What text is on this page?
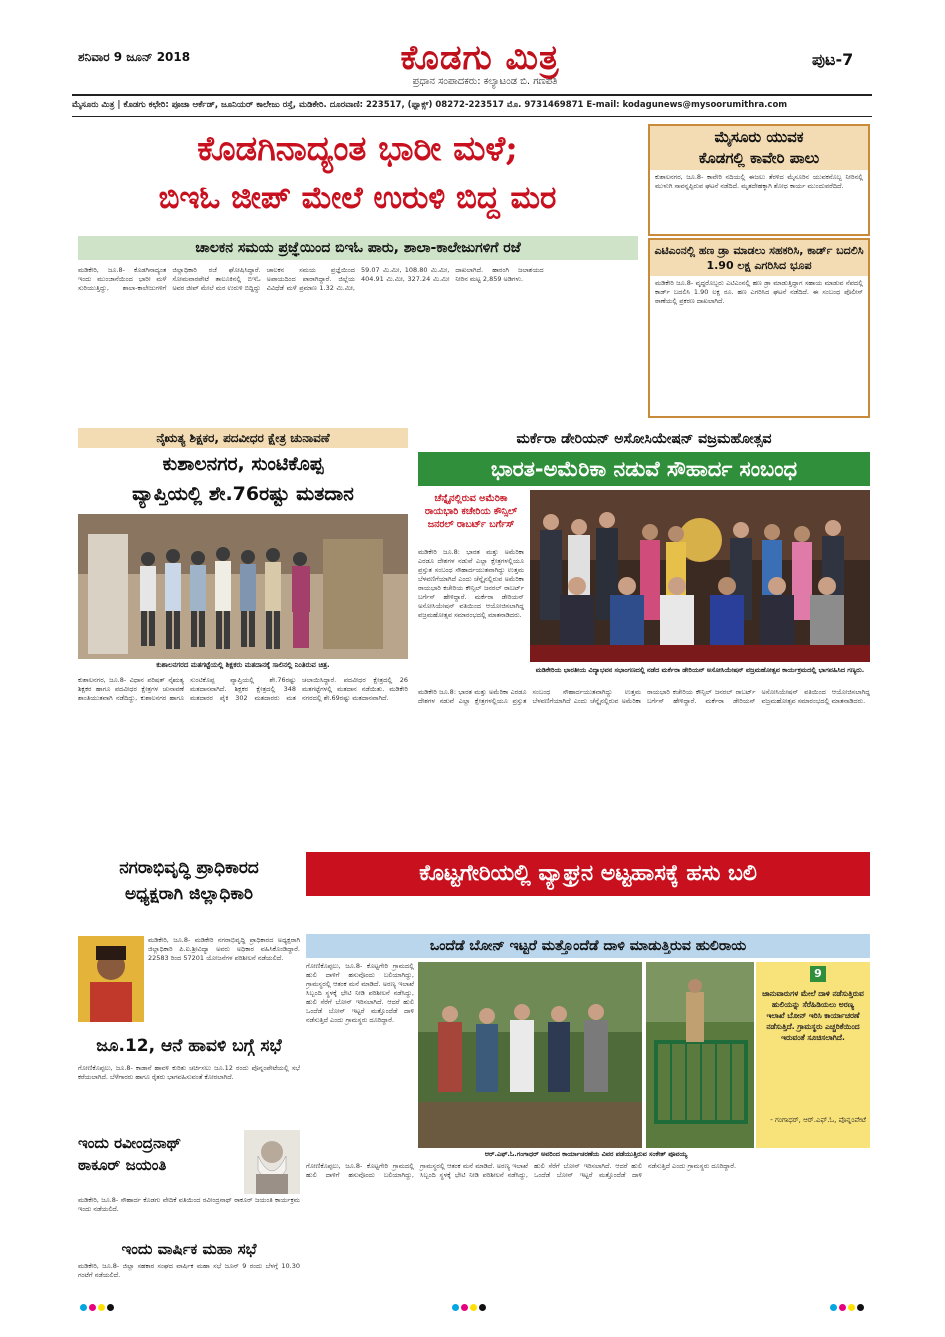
ಶನಿವಾರ 9 ಜೂನ್ 2018	ಕೊಡಗು ಮಿತ್ರ
ಪ್ರಧಾನ ಸಂಪಾದಕರು: ಕಲ್ಯಾಟಂಡ ಬಿ. ಗಣಪತಿ
ಪುಟ-7
ಮೈಸೂರು ಮಿತ್ರ | ಕೊಡಗು ಕಛೇರಿ: ಪೂಜಾ ಆರ್ಕೆಡ್, ಜೂನಿಯರ್ ಕಾಲೇಜು ರಸ್ತೆ, ಮಡಿಕೇರಿ. ದೂರವಾಣಿ: 223517, (ಫ್ಯಾಕ್ಸ್) 08272-223517 ಮೊ. 9731469871 E-mail: kodagunews@mysoorumithra.com
ಕೊಡಗಿನಾದ್ಯಂತ ಭಾರೀ ಮಳೆ;
ಬಿಇಓ ಜೀಪ್ ಮೇಲೆ ಉರುಳಿ ಬಿದ್ದ ಮರ
ಚಾಲಕನ ಸಮಯ ಪ್ರಜ್ಞೆಯಿಂದ ಬಿಇಓ ಪಾರು, ಶಾಲಾ-ಕಾಲೇಜುಗಳಿಗೆ ರಜೆ
ಮಡಿಕೇರಿ, ಜೂ.8- ಕೊಡಗಿನಾದ್ಯಂತ ಇಂದು ಮುಂಜಾನೆಯಿಂದ ಭಾರೀ ಮಳೆ ಸುರಿಯುತ್ತಿದ್ದು, ಶಾಲಾ-ಕಾಲೇಜುಗಳಿಗೆ ಜಿಲ್ಲಾಧಿಕಾರಿ ರಜೆ ಘೋಷಿಸಿದ್ದಾರೆ. ಸೋಮವಾರಪೇಟೆ ತಾಲೂಕಿನಲ್ಲಿ ಬಿಇಓ ಅವರ ಜೀಪ್ ಮೇಲೆ ಮರ ಉರುಳಿ ಬಿದ್ದಿದ್ದು ಚಾಲಕನ ಸಮಯ ಪ್ರಜ್ಞೆಯಿಂದ ಅಪಾಯದಿಂದ ಪಾರಾಗಿದ್ದಾರೆ. ಜಿಲ್ಲೆಯ ವಿವಿಧೆಡೆ ಮಳೆ ಪ್ರಮಾಣ 1.32 ಮಿ.ಮೀ, 59.07 ಮಿ.ಮೀ, 108.80 ಮಿ.ಮೀ, 404.91 ಮಿ.ಮೀ, 327.24 ಮಿ.ಮೀ ದಾಖಲಾಗಿದೆ. ಹಾರಂಗಿ ಜಲಾಶಯದ ನೀರಿನ ಮಟ್ಟ 2,859 ಅಡಿಗಳು.
ಮೈಸೂರು ಯುವಕ
ಕೊಡಗಲ್ಲಿ ಕಾವೇರಿ ಪಾಲು
ಕುಶಾಲನಗರ, ಜೂ.8- ಕಾವೇರಿ ನದಿಯಲ್ಲಿ ಈಜಲು ತೆರಳಿದ ಮೈಸೂರಿನ ಯುವಕನೊಬ್ಬ ನೀರಿನಲ್ಲಿ ಮುಳುಗಿ ಸಾವನ್ನಪ್ಪಿರುವ ಘಟನೆ ನಡೆದಿದೆ. ಮೃತದೇಹಕ್ಕಾಗಿ ಶೋಧ ಕಾರ್ಯ ಮುಂದುವರೆದಿದೆ.
ಎಟಿಎಂನಲ್ಲಿ ಹಣ ಡ್ರಾ ಮಾಡಲು ಸಹಕರಿಸಿ, ಕಾರ್ಡ್ ಬದಲಿಸಿ 1.90 ಲಕ್ಷ ಎಗರಿಸಿದ ಭೂಪ
ಮಡಿಕೇರಿ ಜೂ.8- ವೃದ್ಧರೊಬ್ಬರು ಎಟಿಎಂನಲ್ಲಿ ಹಣ ಡ್ರಾ ಮಾಡುತ್ತಿದ್ದಾಗ ಸಹಾಯ ಮಾಡುವ ನೆಪದಲ್ಲಿ ಕಾರ್ಡ್ ಬದಲಿಸಿ 1.90 ಲಕ್ಷ ರೂ. ಹಣ ಎಗರಿಸಿದ ಘಟನೆ ನಡೆದಿದೆ. ಈ ಸಂಬಂಧ ಪೊಲೀಸ್ ಠಾಣೆಯಲ್ಲಿ ಪ್ರಕರಣ ದಾಖಲಾಗಿದೆ.
ನೈಋತ್ಯ ಶಿಕ್ಷಕರ, ಪದವೀಧರ ಕ್ಷೇತ್ರ ಚುನಾವಣೆ
ಕುಶಾಲನಗರ, ಸುಂಟಿಕೊಪ್ಪ
ವ್ಯಾಪ್ತಿಯಲ್ಲಿ ಶೇ.76ರಷ್ಟು ಮತದಾನ
ಕುಶಾಲನಗರದ ಮತಗಟ್ಟೆಯಲ್ಲಿ ಶಿಕ್ಷಕರು ಮತದಾನಕ್ಕೆ ಸಾಲಿನಲ್ಲಿ ನಿಂತಿರುವ ಚಿತ್ರ.
ಕುಶಾಲನಗರ, ಜೂ.8- ವಿಧಾನ ಪರಿಷತ್ ನೈಋತ್ಯ ಶಿಕ್ಷಕರ ಹಾಗೂ ಪದವೀಧರ ಕ್ಷೇತ್ರಗಳ ಚುನಾವಣೆ ಶಾಂತಿಯುತವಾಗಿ ನಡೆದಿದ್ದು, ಕುಶಾಲನಗರ ಹಾಗೂ ಸುಂಟಿಕೊಪ್ಪ ವ್ಯಾಪ್ತಿಯಲ್ಲಿ ಶೇ.76ರಷ್ಟು ಮತದಾನವಾಗಿದೆ. ಶಿಕ್ಷಕರ ಕ್ಷೇತ್ರದಲ್ಲಿ 348 ಮತದಾರರ ಪೈಕಿ 302 ಮತದಾರರು ಮತ ಚಲಾಯಿಸಿದ್ದಾರೆ. ಪದವೀಧರ ಕ್ಷೇತ್ರದಲ್ಲಿ 26 ಮತಗಟ್ಟೆಗಳಲ್ಲಿ ಮತದಾನ ನಡೆಯಿತು. ಮಡಿಕೇರಿ ನಗರದಲ್ಲಿ ಶೇ.69ರಷ್ಟು ಮತದಾನವಾಗಿದೆ.
ಮರ್ಕೆರಾ ಡೇರಿಯನ್ ಅಸೋಸಿಯೇಷನ್ ವಜ್ರಮಹೋತ್ಸವ
ಭಾರತ-ಅಮೆರಿಕಾ ನಡುವೆ ಸೌಹಾರ್ದ ಸಂಬಂಧ
ಚೆನ್ನೈನಲ್ಲಿರುವ ಅಮೆರಿಕಾ ರಾಯಭಾರಿ ಕಚೇರಿಯ ಕೌನ್ಸಿಲ್ ಜನರಲ್ ರಾಬರ್ಟ್ ಬರ್ಗೆಸ್
ಮಡಿಕೇರಿ ಜೂ.8: ಭಾರತ ಮತ್ತು ಅಮೆರಿಕಾ ಎರಡೂ ದೇಶಗಳ ನಡುವೆ ಎಲ್ಲಾ ಕ್ಷೇತ್ರಗಳಲ್ಲಿಯೂ ಪ್ರಸ್ತುತ ಸಂಬಂಧ ಸೌಹಾರ್ದಯುತವಾಗಿದ್ದು ಉತ್ತಮ ಬೆಳವಣಿಗೆಯಾಗಿದೆ ಎಂದು ಚೆನ್ನೈನಲ್ಲಿರುವ ಅಮೆರಿಕಾ ರಾಯಭಾರಿ ಕಚೇರಿಯ ಕೌನ್ಸಿಲ್ ಜನರಲ್ ರಾಬರ್ಟ್ ಬರ್ಗೆಸ್ ಹೇಳಿದ್ದಾರೆ. ಮರ್ಕೆರಾ ಡೇರಿಯನ್ ಅಸೋಸಿಯೇಷನ್ ವತಿಯಿಂದ ಆಯೋಜಿಸಲಾಗಿದ್ದ ವಜ್ರಮಹೋತ್ಸವ ಸಮಾರಂಭದಲ್ಲಿ ಮಾತನಾಡಿದರು.
ಮಡಿಕೇರಿಯ ಭಾರತೀಯ ವಿದ್ಯಾಭವನ ಸಭಾಂಗಣದಲ್ಲಿ ನಡೆದ ಮರ್ಕೆರಾ ಡೇರಿಯನ್ ಅಸೋಸಿಯೇಷನ್ ವಜ್ರಮಹೋತ್ಸವ ಕಾರ್ಯಕ್ರಮದಲ್ಲಿ ಭಾಗವಹಿಸಿದ ಗಣ್ಯರು.
ಮಡಿಕೇರಿ ಜೂ.8: ಭಾರತ ಮತ್ತು ಅಮೆರಿಕಾ ಎರಡೂ ದೇಶಗಳ ನಡುವೆ ಎಲ್ಲಾ ಕ್ಷೇತ್ರಗಳಲ್ಲಿಯೂ ಪ್ರಸ್ತುತ ಸಂಬಂಧ ಸೌಹಾರ್ದಯುತವಾಗಿದ್ದು ಉತ್ತಮ ಬೆಳವಣಿಗೆಯಾಗಿದೆ ಎಂದು ಚೆನ್ನೈನಲ್ಲಿರುವ ಅಮೆರಿಕಾ ರಾಯಭಾರಿ ಕಚೇರಿಯ ಕೌನ್ಸಿಲ್ ಜನರಲ್ ರಾಬರ್ಟ್ ಬರ್ಗೆಸ್ ಹೇಳಿದ್ದಾರೆ. ಮರ್ಕೆರಾ ಡೇರಿಯನ್ ಅಸೋಸಿಯೇಷನ್ ವತಿಯಿಂದ ಆಯೋಜಿಸಲಾಗಿದ್ದ ವಜ್ರಮಹೋತ್ಸವ ಸಮಾರಂಭದಲ್ಲಿ ಮಾತನಾಡಿದರು.
ನಗರಾಭಿವೃದ್ಧಿ ಪ್ರಾಧಿಕಾರದ
ಅಧ್ಯಕ್ಷರಾಗಿ ಜಿಲ್ಲಾಧಿಕಾರಿ
ಮಡಿಕೇರಿ, ಜೂ.8- ಮಡಿಕೇರಿ ನಗರಾಭಿವೃದ್ಧಿ ಪ್ರಾಧಿಕಾರದ ಅಧ್ಯಕ್ಷರಾಗಿ ಜಿಲ್ಲಾಧಿಕಾರಿ ಪಿ.ಐ.ಶ್ರೀವಿದ್ಯಾ ಅವರು ಅಧಿಕಾರ ವಹಿಸಿಕೊಂಡಿದ್ದಾರೆ. 22583 ರಿಂದ 57201 ಯೋಜನೆಗಳ ಪರಿಶೀಲನೆ ನಡೆಯಲಿದೆ.
ಜೂ.12, ಆನೆ ಹಾವಳಿ ಬಗ್ಗೆ ಸಭೆ
ಗೋಣಿಕೊಪ್ಪಲು, ಜೂ.8- ಕಾಡಾನೆ ಹಾವಳಿ ಕುರಿತು ಚರ್ಚಿಸಲು ಜೂ.12 ರಂದು ಪೊನ್ನಂಪೇಟೆಯಲ್ಲಿ ಸಭೆ ಕರೆಯಲಾಗಿದೆ. ಬೆಳೆಗಾರರು ಹಾಗೂ ರೈತರು ಭಾಗವಹಿಸುವಂತೆ ಕೋರಲಾಗಿದೆ.
ಇಂದು ರವೀಂದ್ರನಾಥ್
ಠಾಕೂರ್ ಜಯಂತಿ
ಮಡಿಕೇರಿ, ಜೂ.8- ಸೌಹಾರ್ದ ಕೊಡಗು ವೇದಿಕೆ ವತಿಯಿಂದ ರವೀಂದ್ರನಾಥ್ ಠಾಕೂರ್ ಜಯಂತಿ ಕಾರ್ಯಕ್ರಮ ಇಂದು ನಡೆಯಲಿದೆ.
ಇಂದು ವಾರ್ಷಿಕ ಮಹಾ ಸಭೆ
ಮಡಿಕೇರಿ, ಜೂ.8- ಜಿಲ್ಲಾ ಸಹಕಾರ ಸಂಘದ ವಾರ್ಷಿಕ ಮಹಾ ಸಭೆ ಜೂನ್ 9 ರಂದು ಬೆಳಗ್ಗೆ 10.30 ಗಂಟೆಗೆ ನಡೆಯಲಿದೆ.
ಕೊಟ್ಟಗೇರಿಯಲ್ಲಿ ವ್ಯಾಘ್ರನ ಅಟ್ಟಹಾಸಕ್ಕೆ ಹಸು ಬಲಿ
ಒಂದೆಡೆ ಬೋನ್ ಇಟ್ಟರೆ ಮತ್ತೊಂದೆಡೆ ದಾಳಿ ಮಾಡುತ್ತಿರುವ ಹುಲಿರಾಯ
ಗೋಣಿಕೊಪ್ಪಲು, ಜೂ.8- ಕೊಟ್ಟಗೇರಿ ಗ್ರಾಮದಲ್ಲಿ ಹುಲಿ ದಾಳಿಗೆ ಹಸುವೊಂದು ಬಲಿಯಾಗಿದ್ದು, ಗ್ರಾಮಸ್ಥರಲ್ಲಿ ಆತಂಕ ಮನೆ ಮಾಡಿದೆ. ಅರಣ್ಯ ಇಲಾಖೆ ಸಿಬ್ಬಂದಿ ಸ್ಥಳಕ್ಕೆ ಭೇಟಿ ನೀಡಿ ಪರಿಶೀಲನೆ ನಡೆಸಿದ್ದು, ಹುಲಿ ಸೆರೆಗೆ ಬೋನ್ ಇರಿಸಲಾಗಿದೆ. ಆದರೆ ಹುಲಿ ಒಂದೆಡೆ ಬೋನ್ ಇಟ್ಟರೆ ಮತ್ತೊಂದೆಡೆ ದಾಳಿ ನಡೆಸುತ್ತಿದೆ ಎಂದು ಗ್ರಾಮಸ್ಥರು ದೂರಿದ್ದಾರೆ.
9
ಜಾನುವಾರುಗಳ ಮೇಲೆ ದಾಳಿ ನಡೆಸುತ್ತಿರುವ ಹುಲಿಯನ್ನು ಸೆರೆಹಿಡಿಯಲು ಅರಣ್ಯ ಇಲಾಖೆ ಬೋನ್ ಇರಿಸಿ ಕಾರ್ಯಾಚರಣೆ ನಡೆಸುತ್ತಿದೆ. ಗ್ರಾಮಸ್ಥರು ಎಚ್ಚರಿಕೆಯಿಂದ ಇರುವಂತೆ ಸೂಚಿಸಲಾಗಿದೆ.
- ಗಂಗಾಧರ್, ಆರ್.ಎಫ್.ಓ, ಪೊನ್ನಂಪೇಟೆ
ಆರ್.ಎಫ್.ಓ.ಗಂಗಾಧರ್ ಅವರಿಂದ ಕಾರ್ಯಾಚರಣೆಯ ವಿವರ ಪಡೆಯುತ್ತಿರುವ ಸಂಕೇತ್ ಪೂವಯ್ಯ
ಗೋಣಿಕೊಪ್ಪಲು, ಜೂ.8- ಕೊಟ್ಟಗೇರಿ ಗ್ರಾಮದಲ್ಲಿ ಹುಲಿ ದಾಳಿಗೆ ಹಸುವೊಂದು ಬಲಿಯಾಗಿದ್ದು, ಗ್ರಾಮಸ್ಥರಲ್ಲಿ ಆತಂಕ ಮನೆ ಮಾಡಿದೆ. ಅರಣ್ಯ ಇಲಾಖೆ ಸಿಬ್ಬಂದಿ ಸ್ಥಳಕ್ಕೆ ಭೇಟಿ ನೀಡಿ ಪರಿಶೀಲನೆ ನಡೆಸಿದ್ದು, ಹುಲಿ ಸೆರೆಗೆ ಬೋನ್ ಇರಿಸಲಾಗಿದೆ. ಆದರೆ ಹುಲಿ ಒಂದೆಡೆ ಬೋನ್ ಇಟ್ಟರೆ ಮತ್ತೊಂದೆಡೆ ದಾಳಿ ನಡೆಸುತ್ತಿದೆ ಎಂದು ಗ್ರಾಮಸ್ಥರು ದೂರಿದ್ದಾರೆ.
